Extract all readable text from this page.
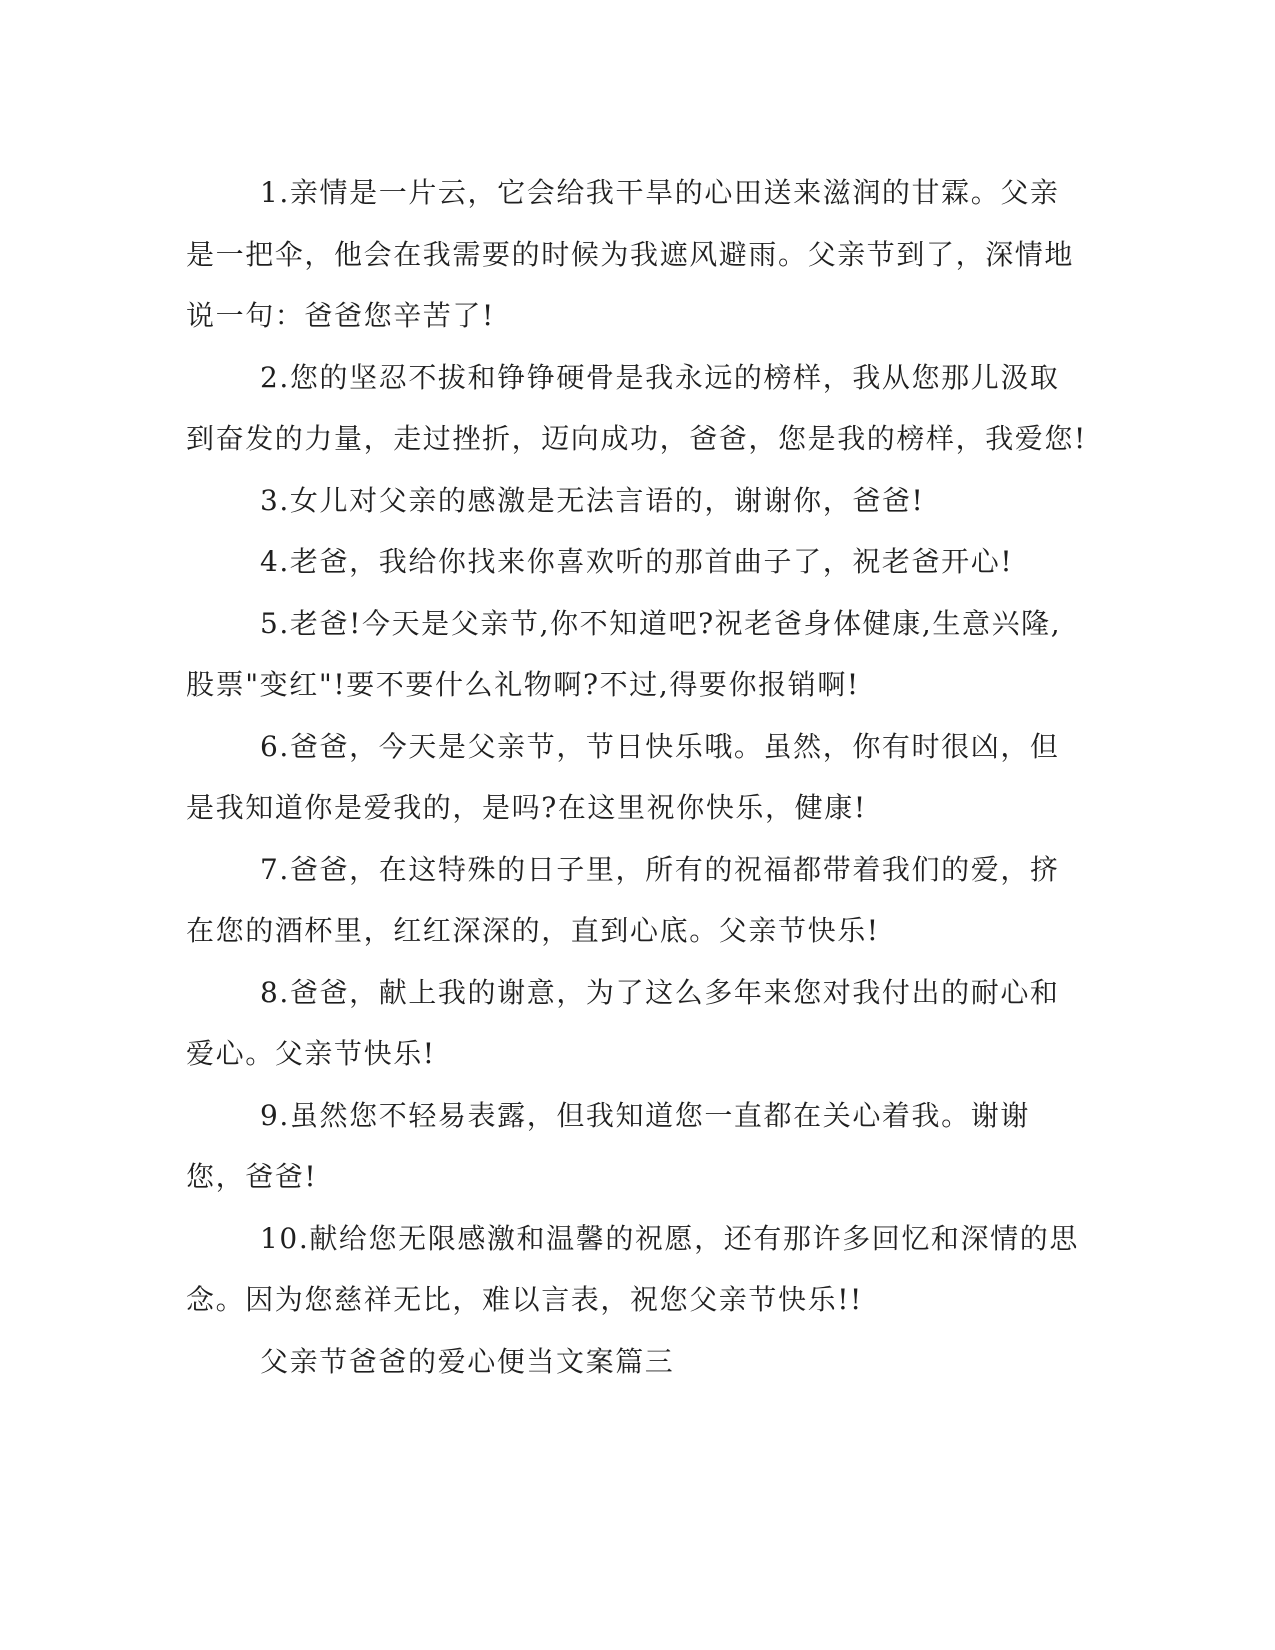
1.亲情是一片云，它会给我干旱的心田送来滋润的甘霖。父亲是一把伞，他会在我需要的时候为我遮风避雨。父亲节到了，深情地说一句：爸爸您辛苦了!

2.您的坚忍不拔和铮铮硬骨是我永远的榜样，我从您那儿汲取到奋发的力量，走过挫折，迈向成功，爸爸，您是我的榜样，我爱您!

3.女儿对父亲的感激是无法言语的，谢谢你，爸爸!

4.老爸，我给你找来你喜欢听的那首曲子了，祝老爸开心!

5.老爸!今天是父亲节,你不知道吧?祝老爸身体健康,生意兴隆,股票"变红"!要不要什么礼物啊?不过,得要你报销啊!

6.爸爸，今天是父亲节，节日快乐哦。虽然，你有时很凶，但是我知道你是爱我的，是吗?在这里祝你快乐，健康!

7.爸爸，在这特殊的日子里，所有的祝福都带着我们的爱，挤在您的酒杯里，红红深深的，直到心底。父亲节快乐!

8.爸爸，献上我的谢意，为了这么多年来您对我付出的耐心和爱心。父亲节快乐!

9.虽然您不轻易表露，但我知道您一直都在关心着我。谢谢您，爸爸!

10.献给您无限感激和温馨的祝愿，还有那许多回忆和深情的思念。因为您慈祥无比，难以言表，祝您父亲节快乐!!

父亲节爸爸的爱心便当文案篇三
